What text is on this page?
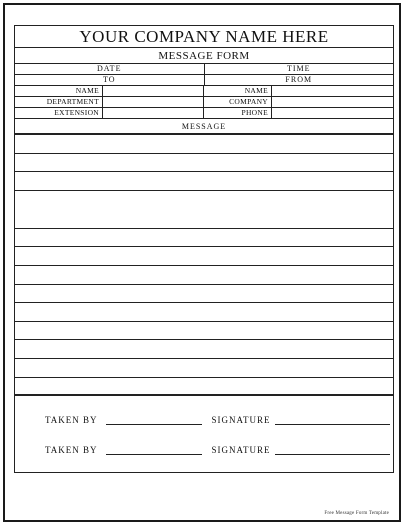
YOUR COMPANY NAME HERE
MESSAGE FORM
DATE	TIME
TO	FROM
NAME	NAME
DEPARTMENT	COMPANY
EXTENSION	PHONE
MESSAGE
TAKEN BY	SIGNATURE
TAKEN BY	SIGNATURE
Free Message Form Template
